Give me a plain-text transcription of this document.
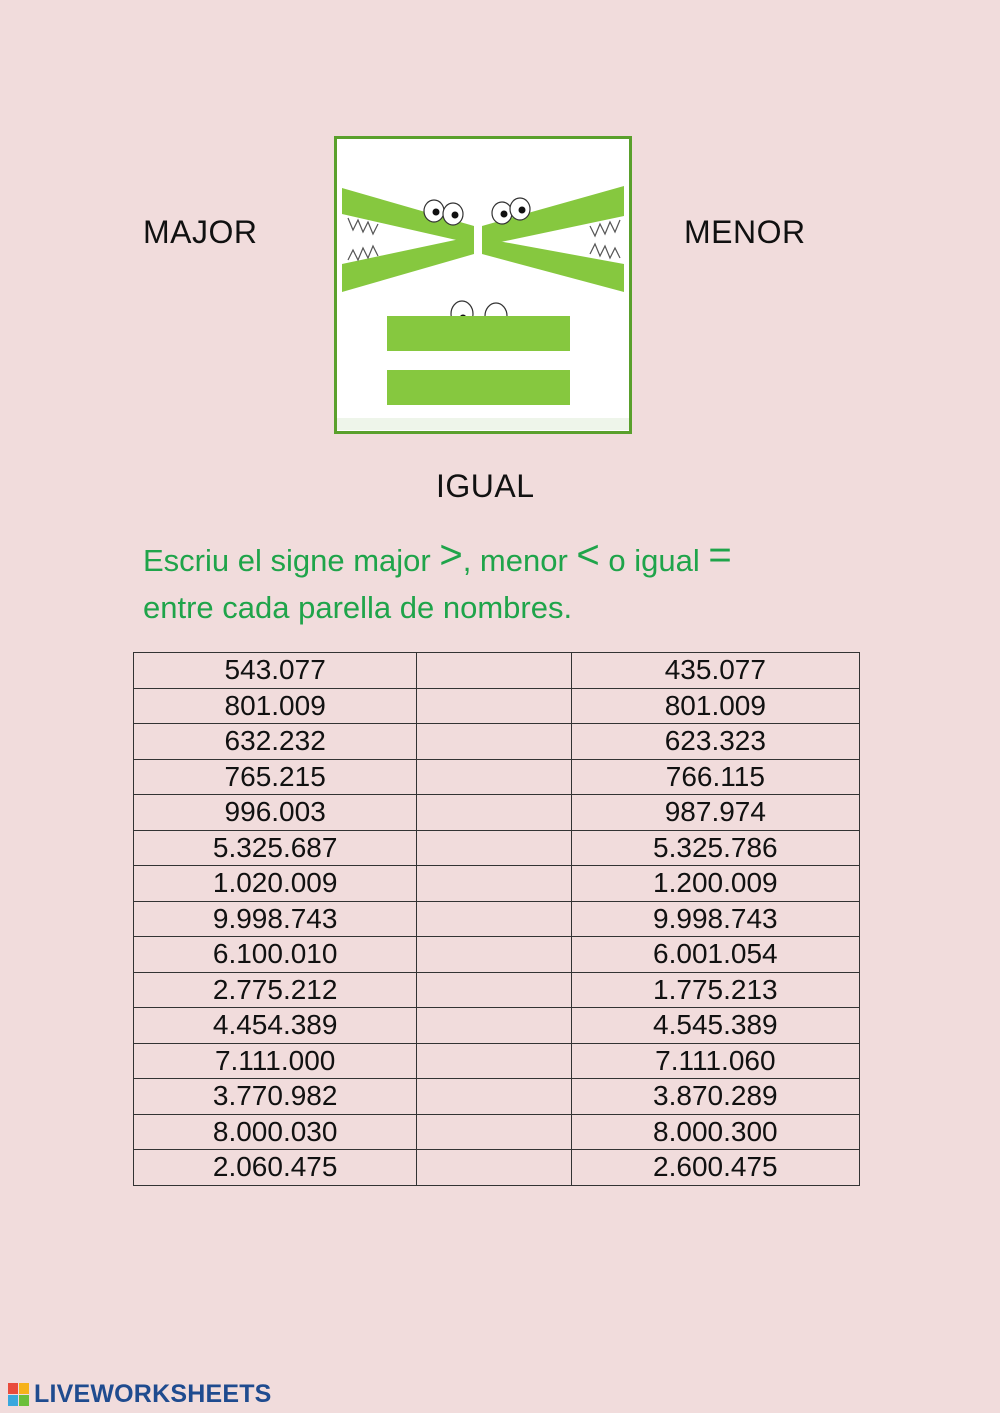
MAJOR	MENOR
IGUAL
Escriu el signe major >, menor < o igual =
entre cada parella de nombres.
543.077		435.077
801.009		801.009
632.232		623.323
765.215		766.115
996.003		987.974
5.325.687		5.325.786
1.020.009		1.200.009
9.998.743		9.998.743
6.100.010		6.001.054
2.775.212		1.775.213
4.454.389		4.545.389
7.111.000		7.111.060
3.770.982		3.870.289
8.000.030		8.000.300
2.060.475		2.600.475
LIVEWORKSHEETS
